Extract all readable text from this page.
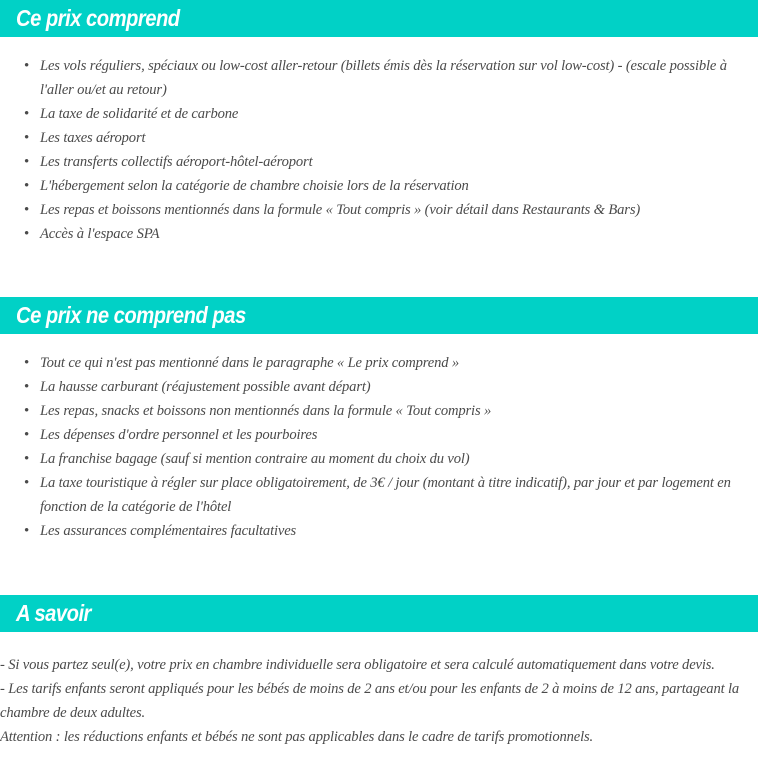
Ce prix comprend
• Les vols réguliers, spéciaux ou low-cost aller-retour (billets émis dès la réservation sur vol low-cost) - (escale possible à l'aller ou/et au retour)
• La taxe de solidarité et de carbone
• Les taxes aéroport
• Les transferts collectifs aéroport-hôtel-aéroport
• L'hébergement selon la catégorie de chambre choisie lors de la réservation
• Les repas et boissons mentionnés dans la formule « Tout compris » (voir détail dans Restaurants & Bars)
• Accès à l'espace SPA
Ce prix ne comprend pas
• Tout ce qui n'est pas mentionné dans le paragraphe « Le prix comprend »
• La hausse carburant (réajustement possible avant départ)
• Les repas, snacks et boissons non mentionnés dans la formule « Tout compris »
• Les dépenses d'ordre personnel et les pourboires
• La franchise bagage (sauf si mention contraire au moment du choix du vol)
• La taxe touristique à régler sur place obligatoirement, de 3€ / jour (montant à titre indicatif), par jour et par logement en fonction de la catégorie de l'hôtel
• Les assurances complémentaires facultatives
A savoir

- Si vous partez seul(e), votre prix en chambre individuelle sera obligatoire et sera calculé automatiquement dans votre devis.

- Les tarifs enfants seront appliqués pour les bébés de moins de 2 ans et/ou pour les enfants de 2 à moins de 12 ans, partageant la chambre de deux adultes.

Attention : les réductions enfants et bébés ne sont pas applicables dans le cadre de tarifs promotionnels.
